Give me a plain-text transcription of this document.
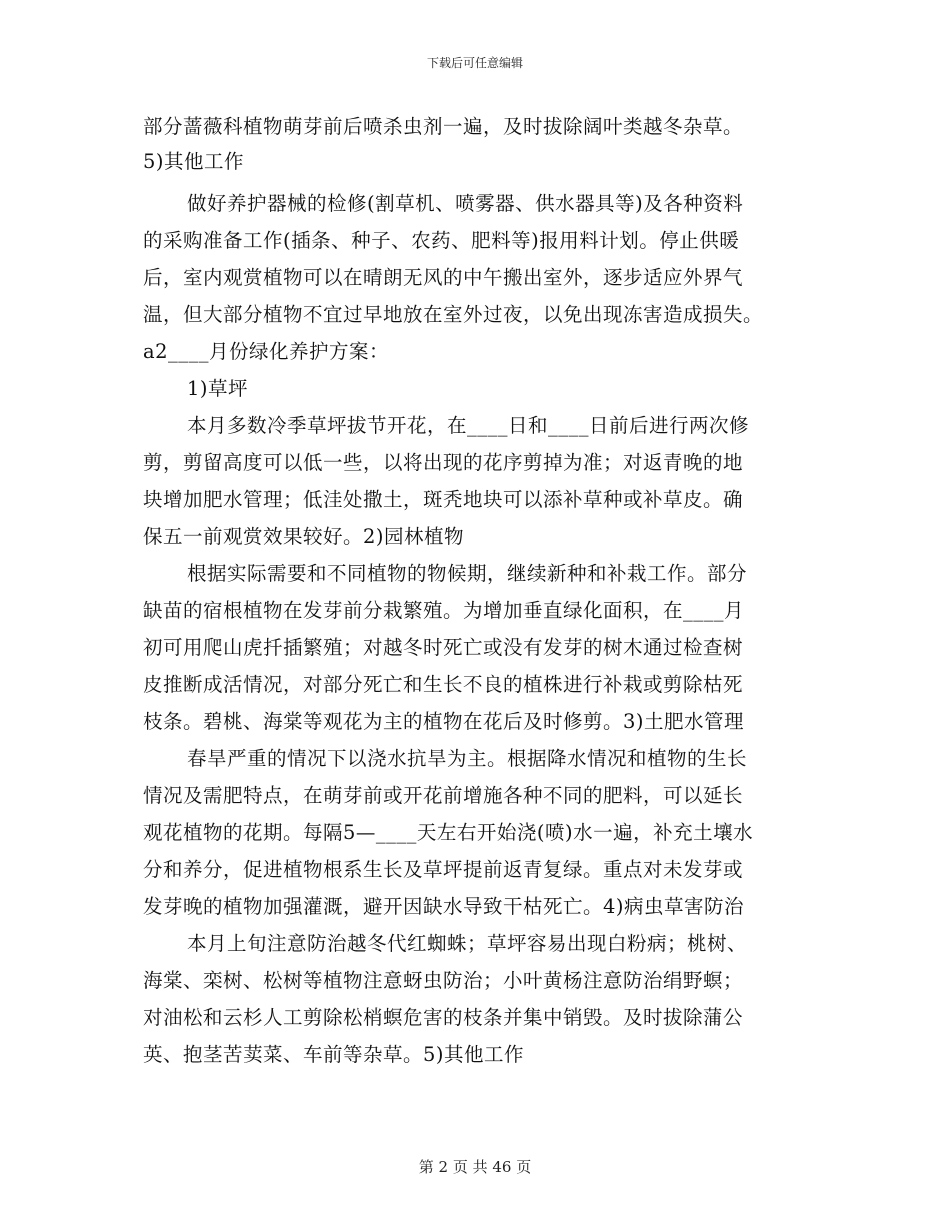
下载后可任意编辑
部分蔷薇科植物萌芽前后喷杀虫剂一遍，及时拔除阔叶类越冬杂草。
5)其他工作
做好养护器械的检修(割草机、喷雾器、供水器具等)及各种资料
的采购准备工作(插条、种子、农药、肥料等)报用料计划。停止供暖
后，室内观赏植物可以在晴朗无风的中午搬出室外，逐步适应外界气
温，但大部分植物不宜过早地放在室外过夜，以免出现冻害造成损失。
a2____月份绿化养护方案：
1)草坪
本月多数冷季草坪拔节开花，在____日和____日前后进行两次修
剪，剪留高度可以低一些，以将出现的花序剪掉为准；对返青晚的地
块增加肥水管理；低洼处撒土，斑秃地块可以添补草种或补草皮。确
保五一前观赏效果较好。2)园林植物
根据实际需要和不同植物的物候期，继续新种和补栽工作。部分
缺苗的宿根植物在发芽前分栽繁殖。为增加垂直绿化面积，在____月
初可用爬山虎扦插繁殖；对越冬时死亡或没有发芽的树木通过检查树
皮推断成活情况，对部分死亡和生长不良的植株进行补栽或剪除枯死
枝条。碧桃、海棠等观花为主的植物在花后及时修剪。3)土肥水管理
春旱严重的情况下以浇水抗旱为主。根据降水情况和植物的生长
情况及需肥特点，在萌芽前或开花前增施各种不同的肥料，可以延长
观花植物的花期。每隔5—____天左右开始浇(喷)水一遍，补充土壤水
分和养分，促进植物根系生长及草坪提前返青复绿。重点对未发芽或
发芽晚的植物加强灌溉，避开因缺水导致干枯死亡。4)病虫草害防治
本月上旬注意防治越冬代红蜘蛛；草坪容易出现白粉病；桃树、
海棠、栾树、松树等植物注意蚜虫防治；小叶黄杨注意防治绢野螟；
对油松和云杉人工剪除松梢螟危害的枝条并集中销毁。及时拔除蒲公
英、抱茎苦荬菜、车前等杂草。5)其他工作
第 2 页 共 46 页
